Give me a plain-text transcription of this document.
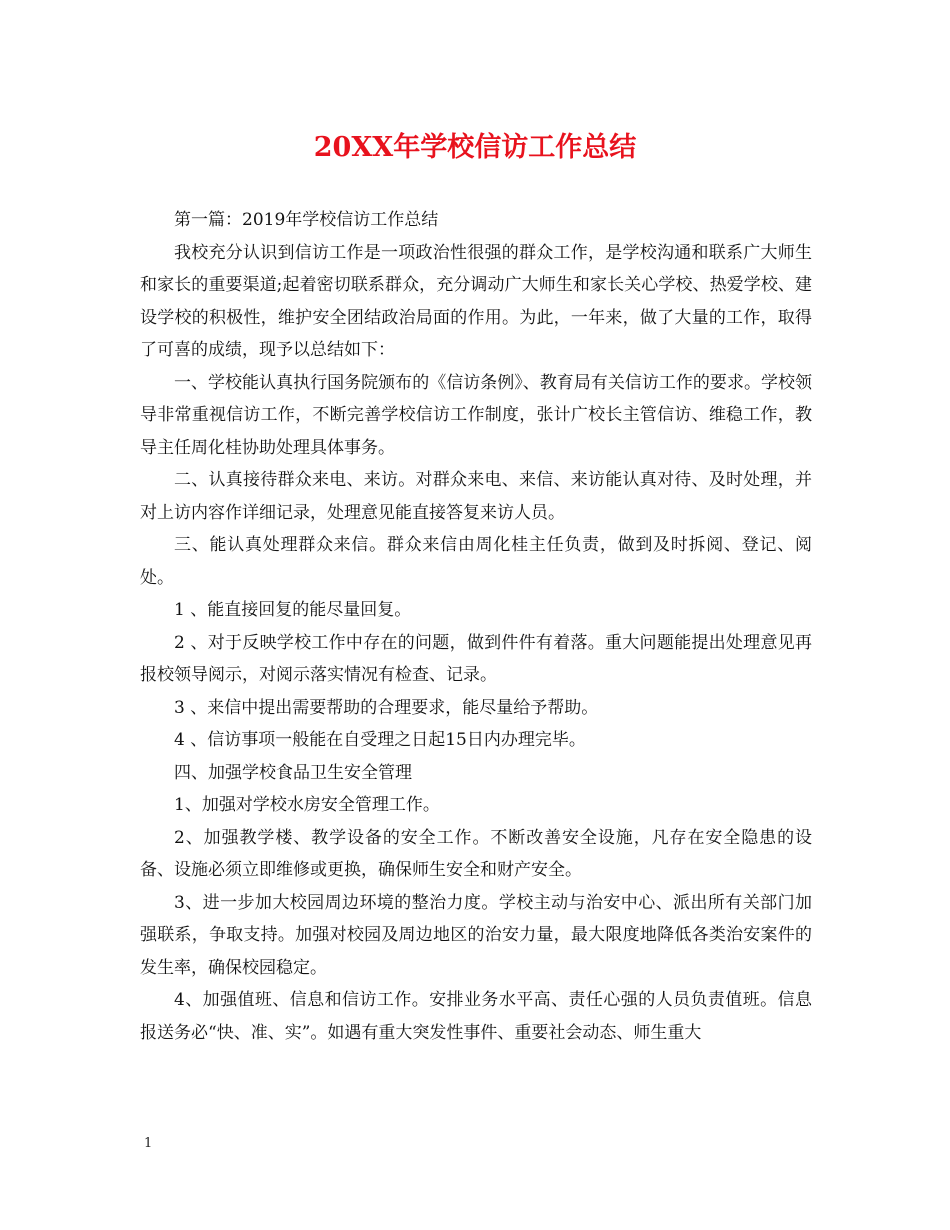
20XX年学校信访工作总结

第一篇：2019年学校信访工作总结

我校充分认识到信访工作是一项政治性很强的群众工作，是学校沟通和联系广大师生和家长的重要渠道;起着密切联系群众，充分调动广大师生和家长关心学校、热爱学校、建设学校的积极性，维护安全团结政治局面的作用。为此，一年来，做了大量的工作，取得了可喜的成绩，现予以总结如下：

一、学校能认真执行国务院颁布的《信访条例》、教育局有关信访工作的要求。学校领导非常重视信访工作，不断完善学校信访工作制度，张计广校长主管信访、维稳工作，教导主任周化桂协助处理具体事务。

二、认真接待群众来电、来访。对群众来电、来信、来访能认真对待、及时处理，并对上访内容作详细记录，处理意见能直接答复来访人员。

三、能认真处理群众来信。群众来信由周化桂主任负责，做到及时拆阅、登记、阅处。

1 、能直接回复的能尽量回复。

2 、对于反映学校工作中存在的问题，做到件件有着落。重大问题能提出处理意见再报校领导阅示，对阅示落实情况有检查、记录。

3 、来信中提出需要帮助的合理要求，能尽量给予帮助。

4 、信访事项一般能在自受理之日起15日内办理完毕。

四、加强学校食品卫生安全管理

1、加强对学校水房安全管理工作。

2、加强教学楼、教学设备的安全工作。不断改善安全设施，凡存在安全隐患的设备、设施必须立即维修或更换，确保师生安全和财产安全。

3、进一步加大校园周边环境的整治力度。学校主动与治安中心、派出所有关部门加强联系，争取支持。加强对校园及周边地区的治安力量，最大限度地降低各类治安案件的发生率，确保校园稳定。

4、加强值班、信息和信访工作。安排业务水平高、责任心强的人员负责值班。信息报送务必“快、准、实”。如遇有重大突发性事件、重要社会动态、师生重大

1
